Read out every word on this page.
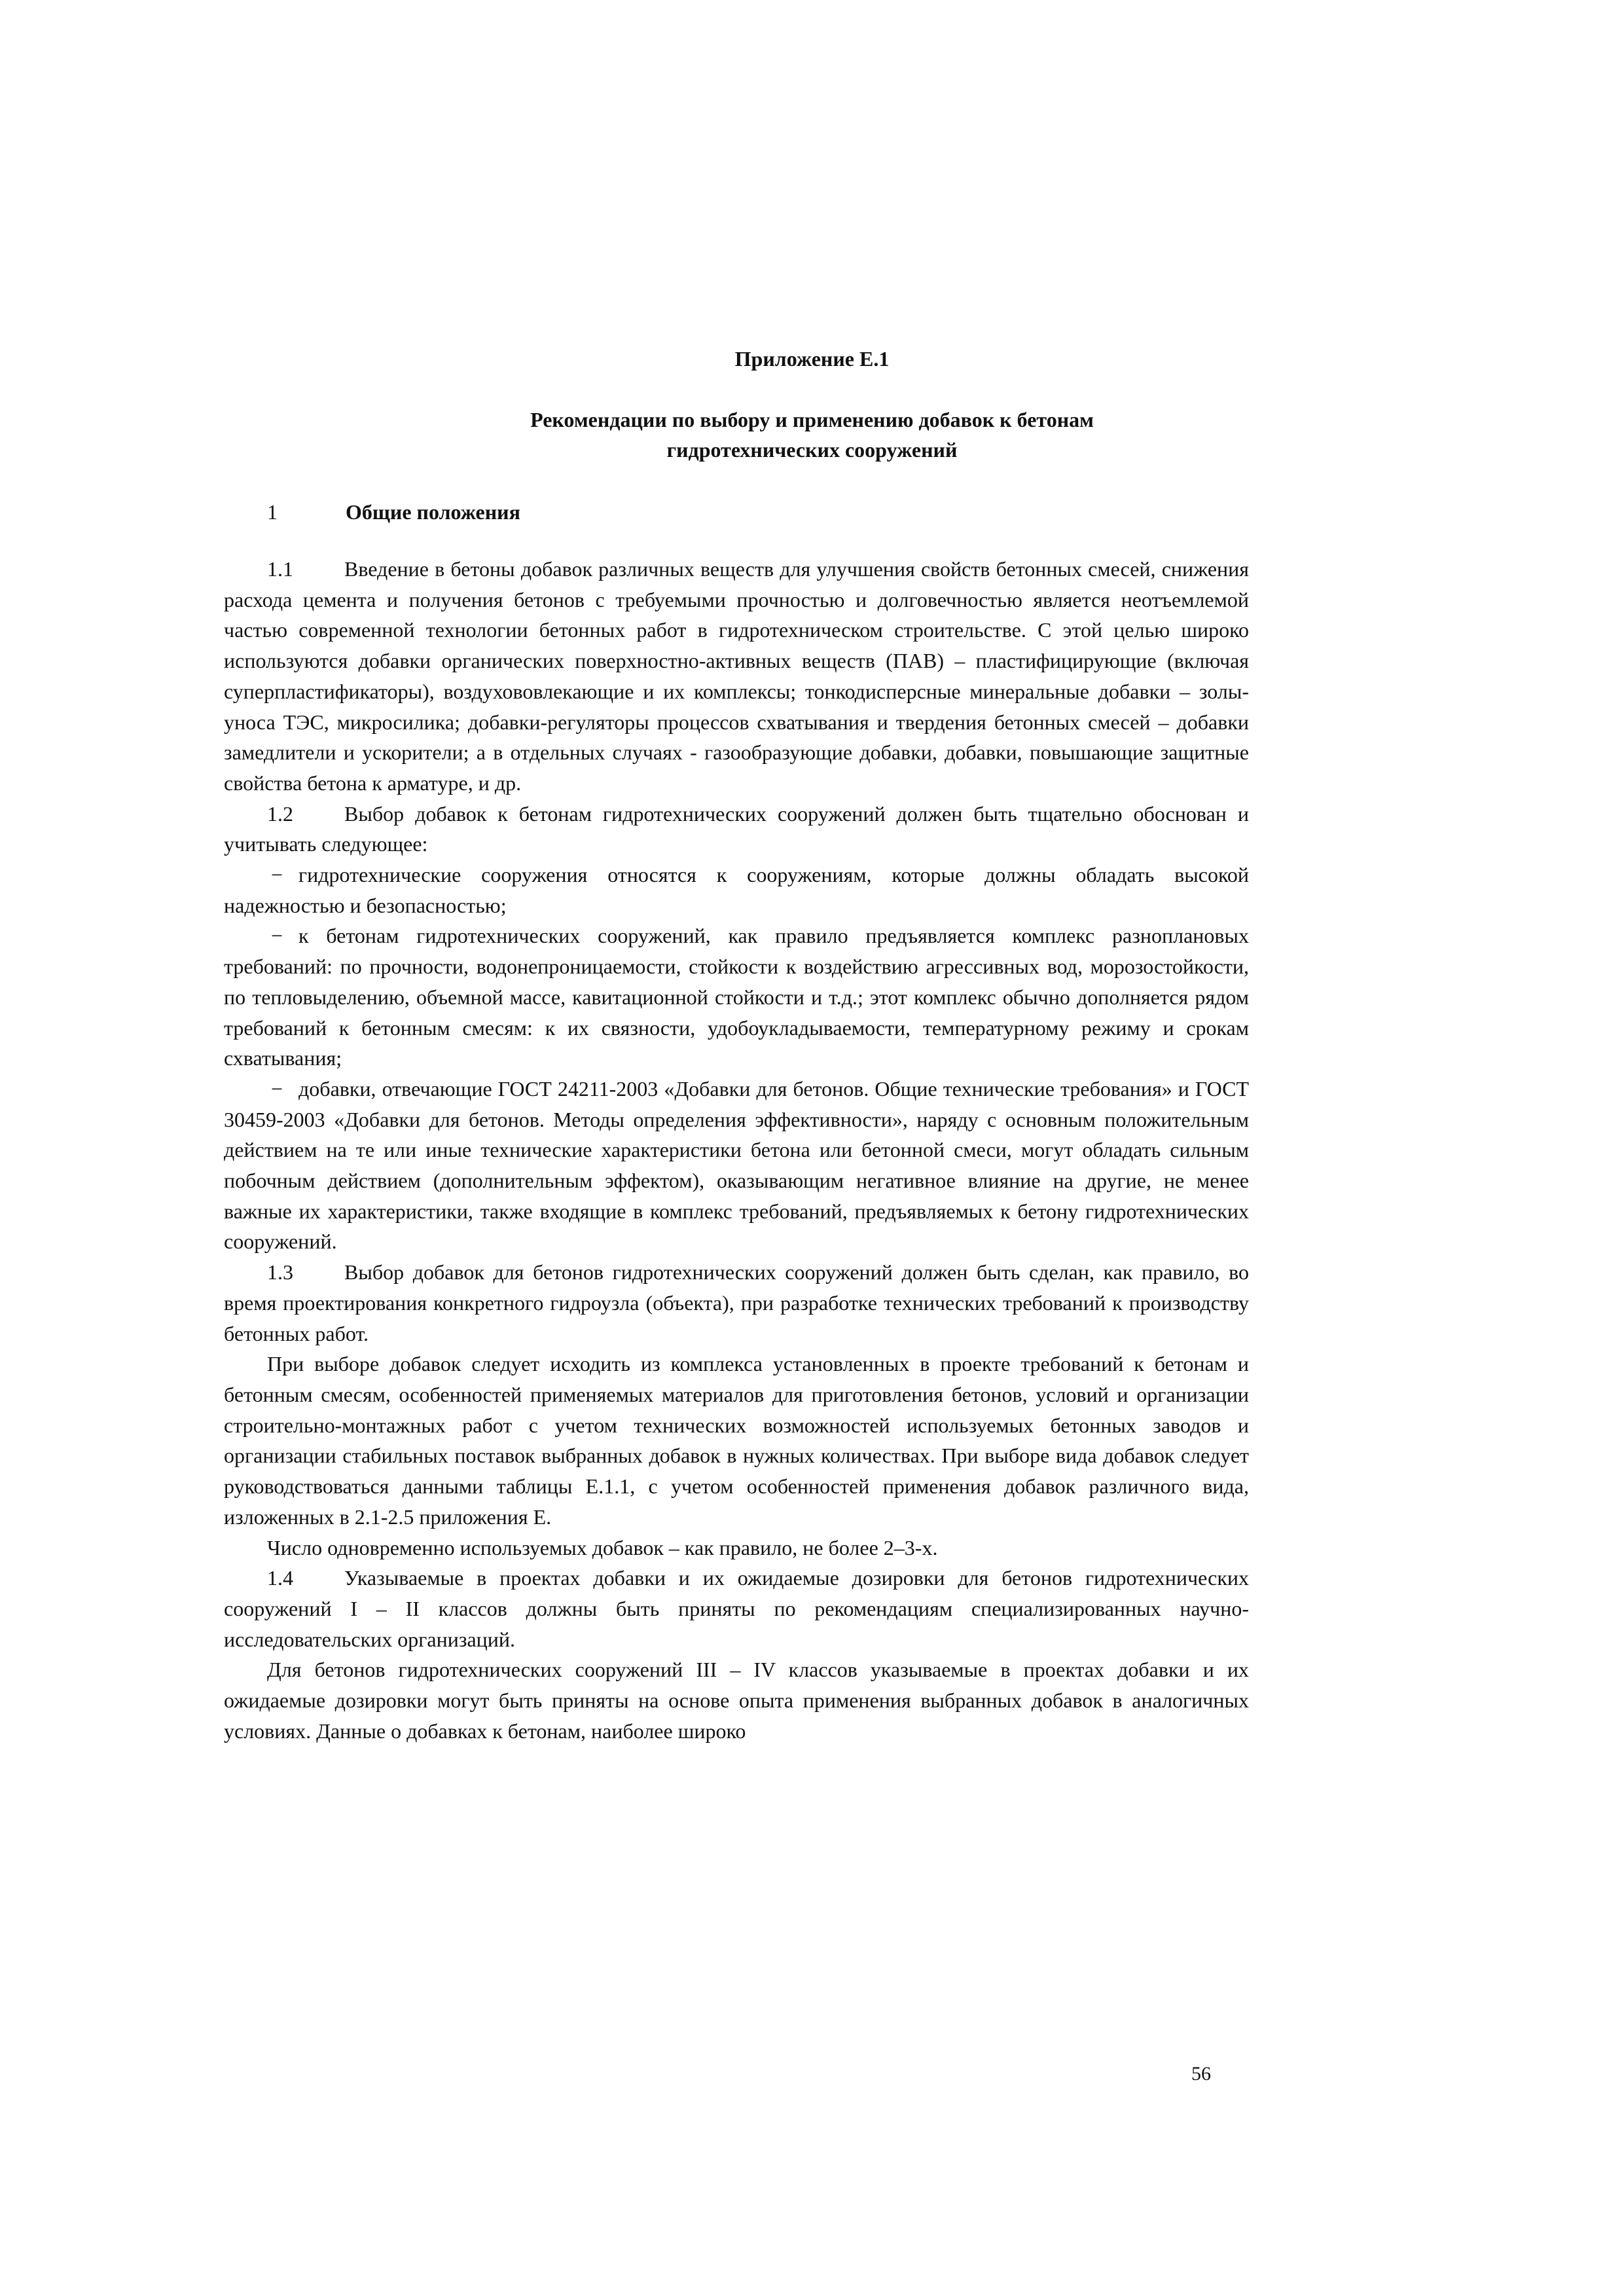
Приложение Е.1
Рекомендации по выбору и применению добавок к бетонам
гидротехнических сооружений
1	Общие положения

1.1 Введение в бетоны добавок различных веществ для улучшения свойств бетонных смесей, снижения расхода цемента и получения бетонов с требуемыми прочностью и долговечностью является неотъемлемой частью современной технологии бетонных работ в гидротехническом строительстве. С этой целью широко используются добавки органических поверхностно-активных веществ (ПАВ) – пластифицирующие (включая суперпластификаторы), воздухововлекающие и их комплексы; тонкодисперсные минеральные добавки – золы-уноса ТЭС, микросилика; добавки-регуляторы процессов схватывания и твердения бетонных смесей – добавки замедлители и ускорители; а в отдельных случаях - газообразующие добавки, добавки, повышающие защитные свойства бетона к арматуре, и др.

1.2 Выбор добавок к бетонам гидротехнических сооружений должен быть тщательно обоснован и учитывать следующее:

− гидротехнические сооружения относятся к сооружениям, которые должны обладать высокой надежностью и безопасностью;

− к бетонам гидротехнических сооружений, как правило предъявляется комплекс разноплановых требований: по прочности, водонепроницаемости, стойкости к воздействию агрессивных вод, морозостойкости, по тепловыделению, объемной массе, кавитационной стойкости и т.д.; этот комплекс обычно дополняется рядом требований к бетонным смесям: к их связности, удобоукладываемости, температурному режиму и срокам схватывания;

− добавки, отвечающие ГОСТ 24211-2003 «Добавки для бетонов. Общие технические требования» и ГОСТ 30459-2003 «Добавки для бетонов. Методы определения эффективности», наряду с основным положительным действием на те или иные технические характеристики бетона или бетонной смеси, могут обладать сильным побочным действием (дополнительным эффектом), оказывающим негативное влияние на другие, не менее важные их характеристики, также входящие в комплекс требований, предъявляемых к бетону гидротехнических сооружений.

1.3 Выбор добавок для бетонов гидротехнических сооружений должен быть сделан, как правило, во время проектирования конкретного гидроузла (объекта), при разработке технических требований к производству бетонных работ.

При выборе добавок следует исходить из комплекса установленных в проекте требований к бетонам и бетонным смесям, особенностей применяемых материалов для приготовления бетонов, условий и организации строительно-монтажных работ с учетом технических возможностей используемых бетонных заводов и организации стабильных поставок выбранных добавок в нужных количествах. При выборе вида добавок следует руководствоваться данными таблицы Е.1.1, с учетом особенностей применения добавок различного вида, изложенных в 2.1-2.5 приложения Е.

Число одновременно используемых добавок – как правило, не более 2–3-х.

1.4 Указываемые в проектах добавки и их ожидаемые дозировки для бетонов гидротехнических сооружений I – II классов должны быть приняты по рекомендациям специализированных научно-исследовательских организаций.

Для бетонов гидротехнических сооружений III – IV классов указываемые в проектах добавки и их ожидаемые дозировки могут быть приняты на основе опыта применения выбранных добавок в аналогичных условиях. Данные о добавках к бетонам, наиболее широко

56
